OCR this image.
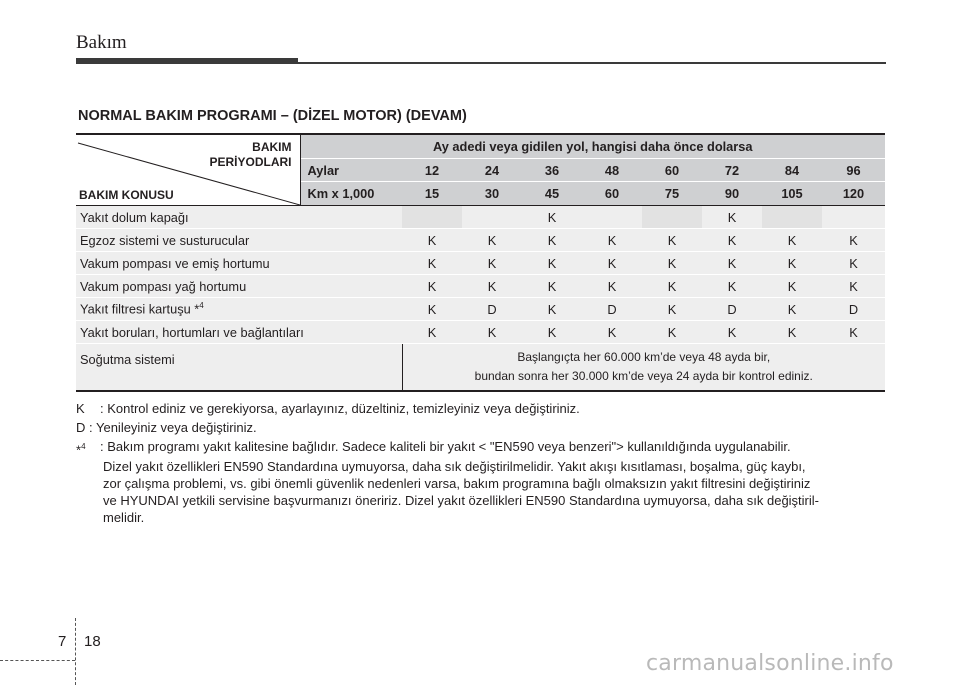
Bakım
NORMAL BAKIM PROGRAMI – (DİZEL MOTOR) (DEVAM)
BAKIM
PERİYODLARI
BAKIM KONUSU	Ay adedi veya gidilen yol, hangisi daha önce dolarsa								
	Aylar	12	24	36	48	60	72	84	96
	Km x 1,000	15	30	45	60	75	90	105	120
Yakıt dolum kapağı				K			K		
Egzoz sistemi ve susturucular		K	K	K	K	K	K	K	K
Vakum pompası ve emiş hortumu		K	K	K	K	K	K	K	K
Vakum pompası yağ hortumu		K	K	K	K	K	K	K	K
Yakıt filtresi kartuşu *$^4$		K	D	K	D	K	D	K	D
Yakıt boruları, hortumları ve bağlantıları		K	K	K	K	K	K	K	K
Soğutma sistemi		Başlangıçta her 60.000 km’de veya 48 ayda bir,
bundan sonra her 30.000 km’de veya 24 ayda bir kontrol ediniz.							
K	: Kontrol ediniz ve gerekiyorsa, ayarlayınız, düzeltiniz, temizleyiniz veya değiştiriniz.
D : Yenileyiniz veya değiştiriniz.
*$^4$	: Bakım programı yakıt kalitesine bağlıdır. Sadece kaliteli bir yakıt < "EN590 veya benzeri"> kullanıldığında uygulanabilir.
Dizel yakıt özellikleri EN590 Standardına uymuyorsa, daha sık değiştirilmelidir. Yakıt akışı kısıtlaması, boşalma, güç kaybı,
zor çalışma problemi, vs. gibi önemli güvenlik nedenleri varsa, bakım programına bağlı olmaksızın yakıt filtresini değiştiriniz
ve HYUNDAI yetkili servisine başvurmanızı öneririz. Dizel yakıt özellikleri EN590 Standardına uymuyorsa, daha sık değiştiril-
melidir.
7 18
carmanualsonline.info
